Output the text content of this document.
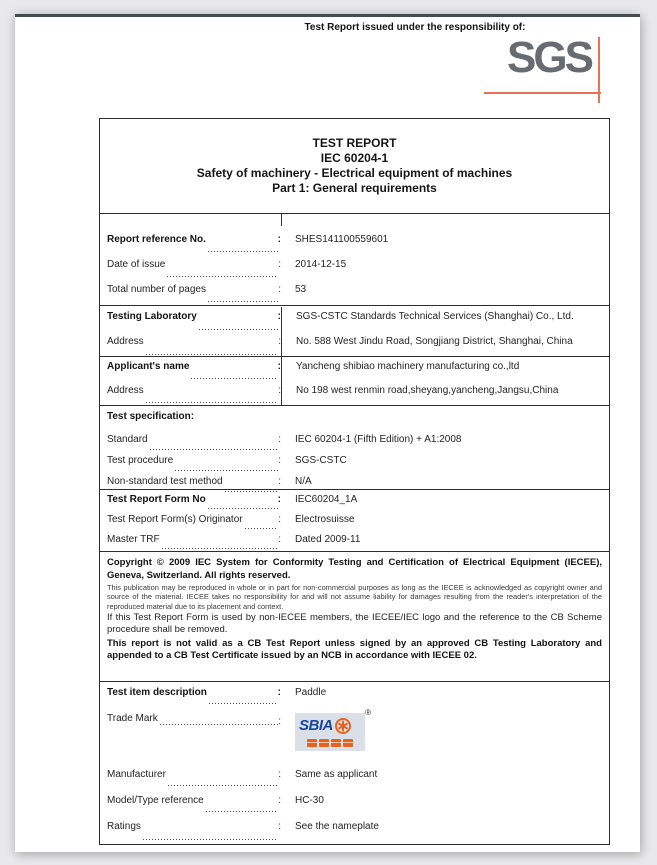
Test Report issued under the responsibility of:
SGS
TEST REPORT
IEC 60204-1
Safety of machinery - Electrical equipment of machines
Part 1: General requirements
Report reference No.	:	SHES141100559601
Date of issue	:	2014-12-15
Total number of pages	:	53
Testing Laboratory	:	SGS-CSTC Standards Technical Services (Shanghai) Co., Ltd.
Address	:	No. 588 West Jindu Road, Songjiang District, Shanghai, China
Applicant's name	:	Yancheng shibiao machinery manufacturing co.,ltd
Address	:	No 198 west renmin road,sheyang,yancheng,Jangsu,China
Test specification:
Standard	:	IEC 60204-1 (Fifth Edition) + A1:2008
Test procedure	:	SGS-CSTC
Non-standard test method	:	N/A
Test Report Form No	:	IEC60204_1A
Test Report Form(s) Originator	:	Electrosuisse
Master TRF	:	Dated 2009-11

Copyright © 2009 IEC System for Conformity Testing and Certification of Electrical Equipment (IECEE), Geneva, Switzerland. All rights reserved.

This publication may be reproduced in whole or in part for non-commercial purposes as long as the IECEE is acknowledged as copyright owner and source of the material. IECEE takes no responsibility for and will not assume liability for damages resulting from the reader's interpretation of the reproduced material due to its placement and context.

If this Test Report Form is used by non-IECEE members, the IECEE/IEC logo and the reference to the CB Scheme procedure shall be removed.

This report is not valid as a CB Test Report unless signed by an approved CB Testing Laboratory and appended to a CB Test Certificate issued by an NCB in accordance with IECEE 02.

Test item description	:	Paddle
Trade Mark	:
®
SBIA
Manufacturer	:	Same as applicant
Model/Type reference	:	HC-30
Ratings	:	See the nameplate
